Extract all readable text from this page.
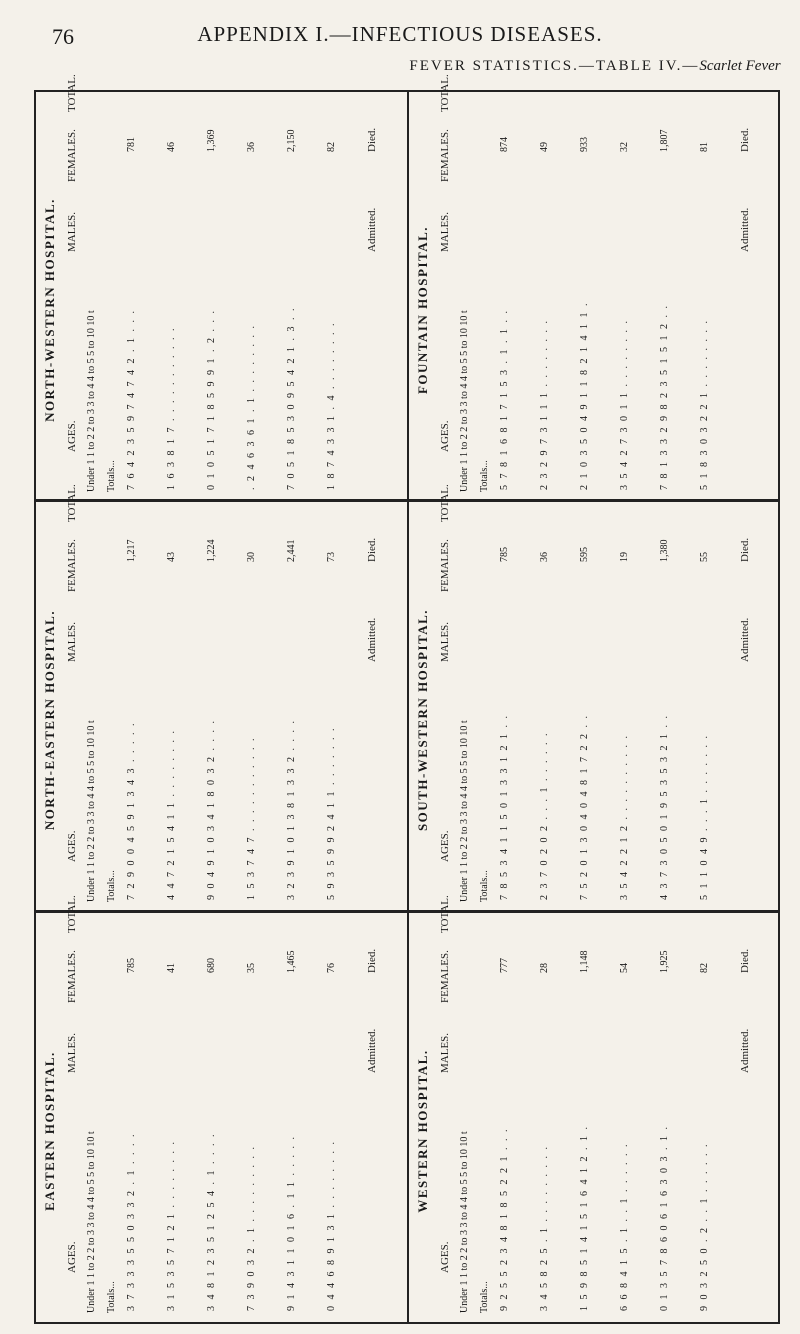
76	APPENDIX I.—INFECTIOUS DISEASES.
FEVER STATISTICS.—TABLE IV.—Scarlet Fever
NORTH-WESTERN HOSPITAL.
AGES.
MALES.
FEMALES.
TOTAL.
Under 1 1 to 2 2 to 3 3 to 4 4 to 5 5 to 10 10 t Totals... 7 6 4 2 3 5 9 7 4 7 4 2 . 1 . . .
781
1 6 3 8 1 7 . . . . . . . . . . .
46
0 1 0 5 1 7 1 8 5 9 9 1 . 2 . . .
1,369
. 2 4 6 3 6 1 . 1 . . . . . . . .
36
7 0 5 1 8 5 3 0 9 5 4 2 1 . 3 . .
2,150
1 8 7 4 3 3 1 . 4 . . . . . . . .
82
Admitted.
Died.
FOUNTAIN HOSPITAL.
AGES.
MALES.
FEMALES.
TOTAL.
Under 1 1 to 2 2 to 3 3 to 4 4 to 5 5 to 10 10 t Totals... 5 7 8 1 6 8 1 7 1 5 3 . 1 . 1 . .
874
2 3 2 9 7 3 1 1 1 . . . . . . . .
49
2 1 0 3 5 0 4 9 1 1 8 2 1 4 1 1 .
933
3 5 4 2 7 3 0 1 1 . . . . . . . .
32
7 8 1 3 3 2 9 8 2 3 5 1 5 1 2 . .
1,807
5 1 8 3 0 3 2 2 1 . . . . . . . .
81
Admitted.
Died.
NORTH-EASTERN HOSPITAL.
AGES.
MALES.
FEMALES.
TOTAL.
Under 1 1 to 2 2 to 3 3 to 4 4 to 5 5 to 10 10 t Totals... 7 2 9 0 0 4 5 9 1 3 4 3 . . . . .
1,217
4 4 7 2 1 5 4 1 1 . . . . . . . .
43
9 0 4 9 1 0 3 4 1 8 0 3 2 . . . .
1,224
1 5 3 7 4 7 . . . . . . . . . . .
30
3 2 3 9 1 0 1 3 8 1 3 3 2 . . . .
2,441
5 9 3 5 9 9 2 4 1 1 . . . . . . .
73
Admitted.
Died.
SOUTH-WESTERN HOSPITAL.
AGES.
MALES.
FEMALES.
TOTAL.
Under 1 1 to 2 2 to 3 3 to 4 4 to 5 5 to 10 10 t Totals... 7 8 5 3 4 1 1 5 0 1 3 3 1 2 1 . .
785
2 3 7 0 2 0 2 . . . 1 . . . . . .
36
7 5 2 0 1 3 0 4 0 4 8 1 7 2 2 . .
595
3 5 4 2 2 1 2 . . . . . . . . . .
19
4 3 7 3 0 5 0 1 9 5 3 5 3 2 1 . .
1,380
5 1 1 0 4 9 . . . 1 . . . . . . .
55
Admitted.
Died.
EASTERN HOSPITAL.
AGES.
MALES.
FEMALES.
TOTAL.
Under 1 1 to 2 2 to 3 3 to 4 4 to 5 5 to 10 10 t Totals... 3 7 3 3 3 5 5 0 3 3 2 . 1 . . . .
785
3 1 5 3 5 7 1 2 1 . . . . . . . .
41
3 4 8 1 2 3 5 1 2 5 4 . 1 . . . .
680
7 3 9 0 3 2 . 1 . . . . . . . . .
35
9 1 4 3 1 1 0 1 6 . 1 1 . . . . .
1,465
0 4 4 6 8 9 1 3 1 . . . . . . . .
76
Admitted.
Died.
WESTERN HOSPITAL.
AGES.
MALES.
FEMALES.
TOTAL.
Under 1 1 to 2 2 to 3 3 to 4 4 to 5 5 to 10 10 t Totals... 9 2 5 5 2 3 4 8 1 8 5 2 2 1 . . .
777
3 4 5 8 2 5 . 1 . . . . . . . . .
28
1 5 9 8 5 1 4 1 5 1 6 4 1 2 . 1 .
1,148
6 6 8 4 1 5 . 1 . . 1 . . . . . .
54
0 1 3 5 7 8 6 0 6 1 6 3 0 3 . 1 .
1,925
9 0 3 2 5 0 . 2 . . 1 . . . . . .
82
Admitted.
Died.
